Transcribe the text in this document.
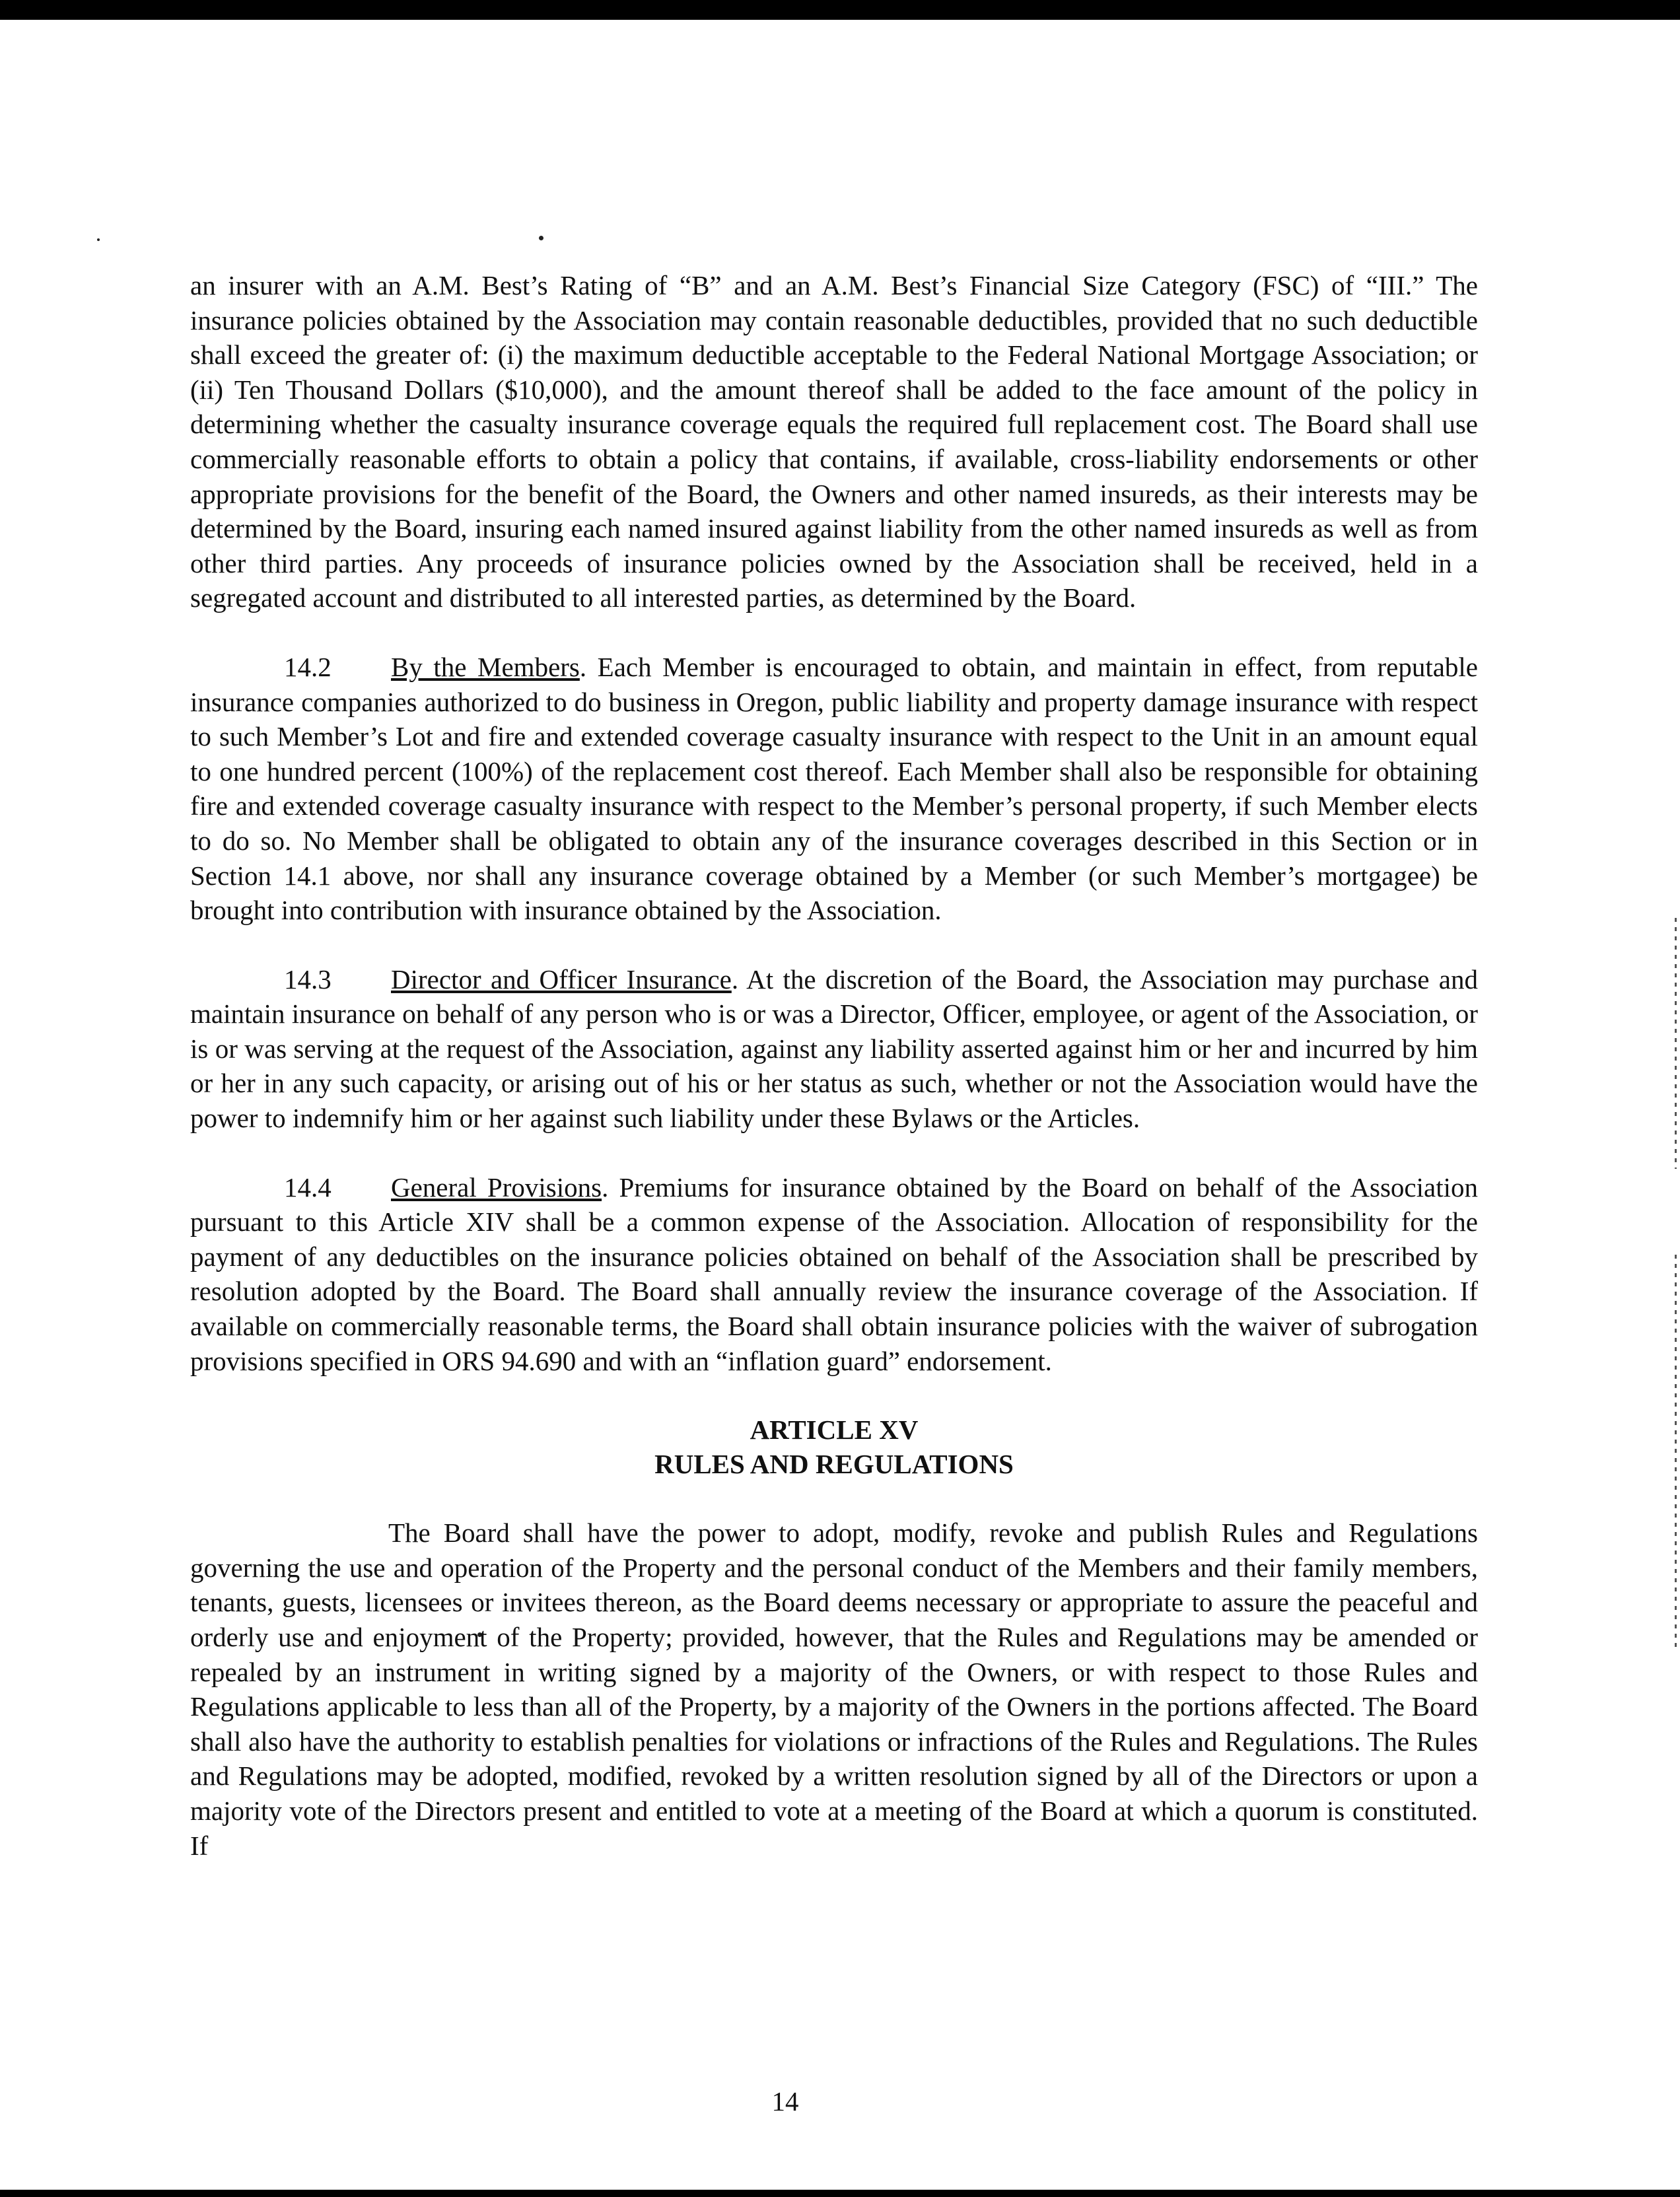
an insurer with an A.M. Best’s Rating of “B” and an A.M. Best’s Financial Size Category (FSC) of “III.” The insurance policies obtained by the Association may contain reasonable deductibles, provided that no such deductible shall exceed the greater of: (i) the maximum deductible acceptable to the Federal National Mortgage Association; or (ii) Ten Thousand Dollars ($10,000), and the amount thereof shall be added to the face amount of the policy in determining whether the casualty insurance coverage equals the required full replacement cost. The Board shall use commercially reasonable efforts to obtain a policy that contains, if available, cross-liability endorsements or other appropriate provisions for the benefit of the Board, the Owners and other named insureds, as their interests may be determined by the Board, insuring each named insured against liability from the other named insureds as well as from other third parties. Any proceeds of insurance policies owned by the Association shall be received, held in a segregated account and distributed to all interested parties, as determined by the Board.

14.2 By the Members. Each Member is encouraged to obtain, and maintain in effect, from reputable insurance companies authorized to do business in Oregon, public liability and property damage insurance with respect to such Member’s Lot and fire and extended coverage casualty insurance with respect to the Unit in an amount equal to one hundred percent (100%) of the replacement cost thereof. Each Member shall also be responsible for obtaining fire and extended coverage casualty insurance with respect to the Member’s personal property, if such Member elects to do so. No Member shall be obligated to obtain any of the insurance coverages described in this Section or in Section 14.1 above, nor shall any insurance coverage obtained by a Member (or such Member’s mortgagee) be brought into contribution with insurance obtained by the Association.

14.3 Director and Officer Insurance. At the discretion of the Board, the Association may purchase and maintain insurance on behalf of any person who is or was a Director, Officer, employee, or agent of the Association, or is or was serving at the request of the Association, against any liability asserted against him or her and incurred by him or her in any such capacity, or arising out of his or her status as such, whether or not the Association would have the power to indemnify him or her against such liability under these Bylaws or the Articles.

14.4 General Provisions. Premiums for insurance obtained by the Board on behalf of the Association pursuant to this Article XIV shall be a common expense of the Association. Allocation of responsibility for the payment of any deductibles on the insurance policies obtained on behalf of the Association shall be prescribed by resolution adopted by the Board. The Board shall annually review the insurance coverage of the Association. If available on commercially reasonable terms, the Board shall obtain insurance policies with the waiver of subrogation provisions specified in ORS 94.690 and with an “inflation guard” endorsement.

ARTICLE XV
RULES AND REGULATIONS

The Board shall have the power to adopt, modify, revoke and publish Rules and Regulations governing the use and operation of the Property and the personal conduct of the Members and their family members, tenants, guests, licensees or invitees thereon, as the Board deems necessary or appropriate to assure the peaceful and orderly use and enjoyment of the Property; provided, however, that the Rules and Regulations may be amended or repealed by an instrument in writing signed by a majority of the Owners, or with respect to those Rules and Regulations applicable to less than all of the Property, by a majority of the Owners in the portions affected. The Board shall also have the authority to establish penalties for violations or infractions of the Rules and Regulations. The Rules and Regulations may be adopted, modified, revoked by a written resolution signed by all of the Directors or upon a majority vote of the Directors present and entitled to vote at a meeting of the Board at which a quorum is constituted. If

14
